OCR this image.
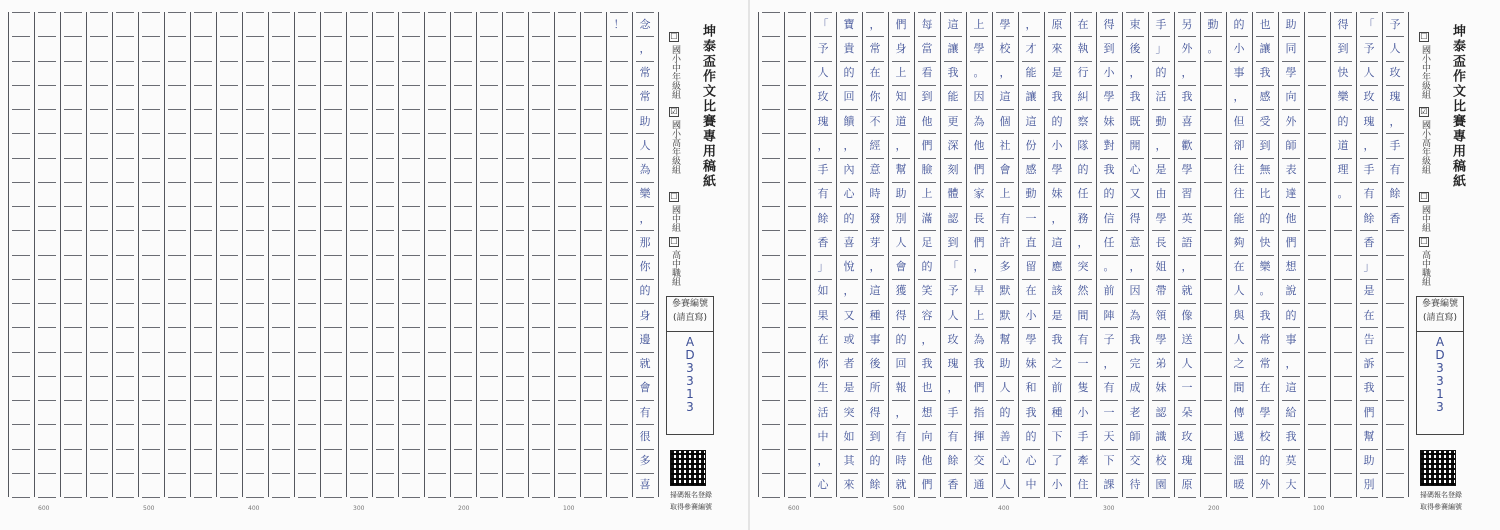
念
，
常
常
助
人
為
樂
，
那
你
的
身
邊
就
會
有
很
多
喜
！	坤泰盃作文比賽專用稿紙
☐
國小中年級組
☑
國小高年級組
☐
國中組
☐
高中職組
參賽編號
(請直寫)
A
D
3
3
1
3
掃碼報名登錄
取得參賽編號
600	500	400	300	200	100
予
人
玫
瑰
，
手
有
餘
香
「
予
人
玫
瑰
，
手
有
餘
香
」
是
在
告
訴
我
們
幫
助
別
得
到
快
樂
的
道
理
。
助
同
學
向
外
師
表
達
他
們
想
說
的
事
，
這
給
我
莫
大
也
讓
我
感
受
到
無
比
的
快
樂
。
我
常
常
在
學
校
的
外
的
小
事
，
但
卻
往
往
能
夠
在
人
與
人
之
間
傳
遞
溫
暖
動
。
另
外
，
我
喜
歡
學
習
英
語
，
就
像
送
人
一
朵
玫
瑰
原
手
」
的
活
動
，
是
由
學
長
姐
帶
領
學
弟
妹
認
識
校
園
束
後
，
我
既
開
心
又
得
意
，
因
為
我
完
成
老
師
交
待
得
到
小
學
妹
對
我
的
信
任
。
前
陣
子
，
有
一
天
下
課
在
執
行
糾
察
隊
的
任
務
，
突
然
間
有
一
隻
小
手
牽
住
原
來
是
我
的
小
學
妹
，
這
應
該
是
我
之
前
種
下
了
小
，
才
能
讓
這
份
感
動
一
直
留
在
小
學
妹
和
我
的
心
中
學
校
，
這
個
社
會
上
有
許
多
默
默
幫
助
人
的
善
心
人
上
學
。
因
為
他
們
家
長
們
，
早
上
為
我
們
指
揮
交
通
這
讓
我
能
更
深
刻
體
認
到
「
予
人
玫
瑰
，
手
有
餘
香
每
當
看
到
他
們
臉
上
滿
足
的
笑
容
，
我
也
想
向
他
們
們
身
上
知
道
，
幫
助
別
人
會
獲
得
的
回
報
，
有
時
就
，
常
在
你
不
經
意
時
發
芽
，
這
種
事
後
所
得
到
的
餘
寶
貴
的
回
饋
，
內
心
的
喜
悅
，
又
或
者
是
突
如
其
來
「
予
人
玫
瑰
，
手
有
餘
香
」
如
果
在
你
生
活
中
，
心
坤泰盃作文比賽專用稿紙
☐
國小中年級組
☑
國小高年級組
☐
國中組
☐
高中職組
參賽編號
(請直寫)
A
D
3
3
1
3
掃碼報名登錄
取得參賽編號
600	500	400	300	200	100
